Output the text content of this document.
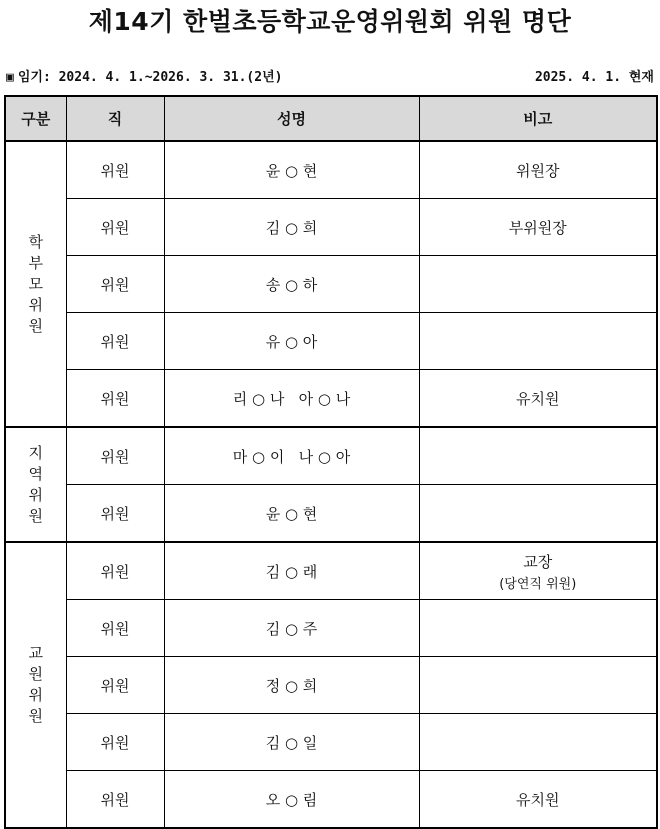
제14기 한벌초등학교운영위원회 위원 명단
▣ 임기: 2024. 4. 1.~2026. 3. 31.(2년)	2025. 4. 1. 현재
구분	직	성명	비고
학
부
모
위
원	위원	윤 ○ 현	위원장

	위원	김 ○ 희	부위원장

	위원	송 ○ 하	

	위원	유 ○ 아	

	위원	리 ○ 나   아 ○ 나	유치원

지
역
위
원	위원	마 ○ 이   나 ○ 아	

	위원	윤 ○ 현	

교
원
위
원	위원	김 ○ 래	교장
(당연직 위원)

	위원	김 ○ 주	

	위원	정 ○ 희	

	위원	김 ○ 일	

	위원	오 ○ 림	유치원
